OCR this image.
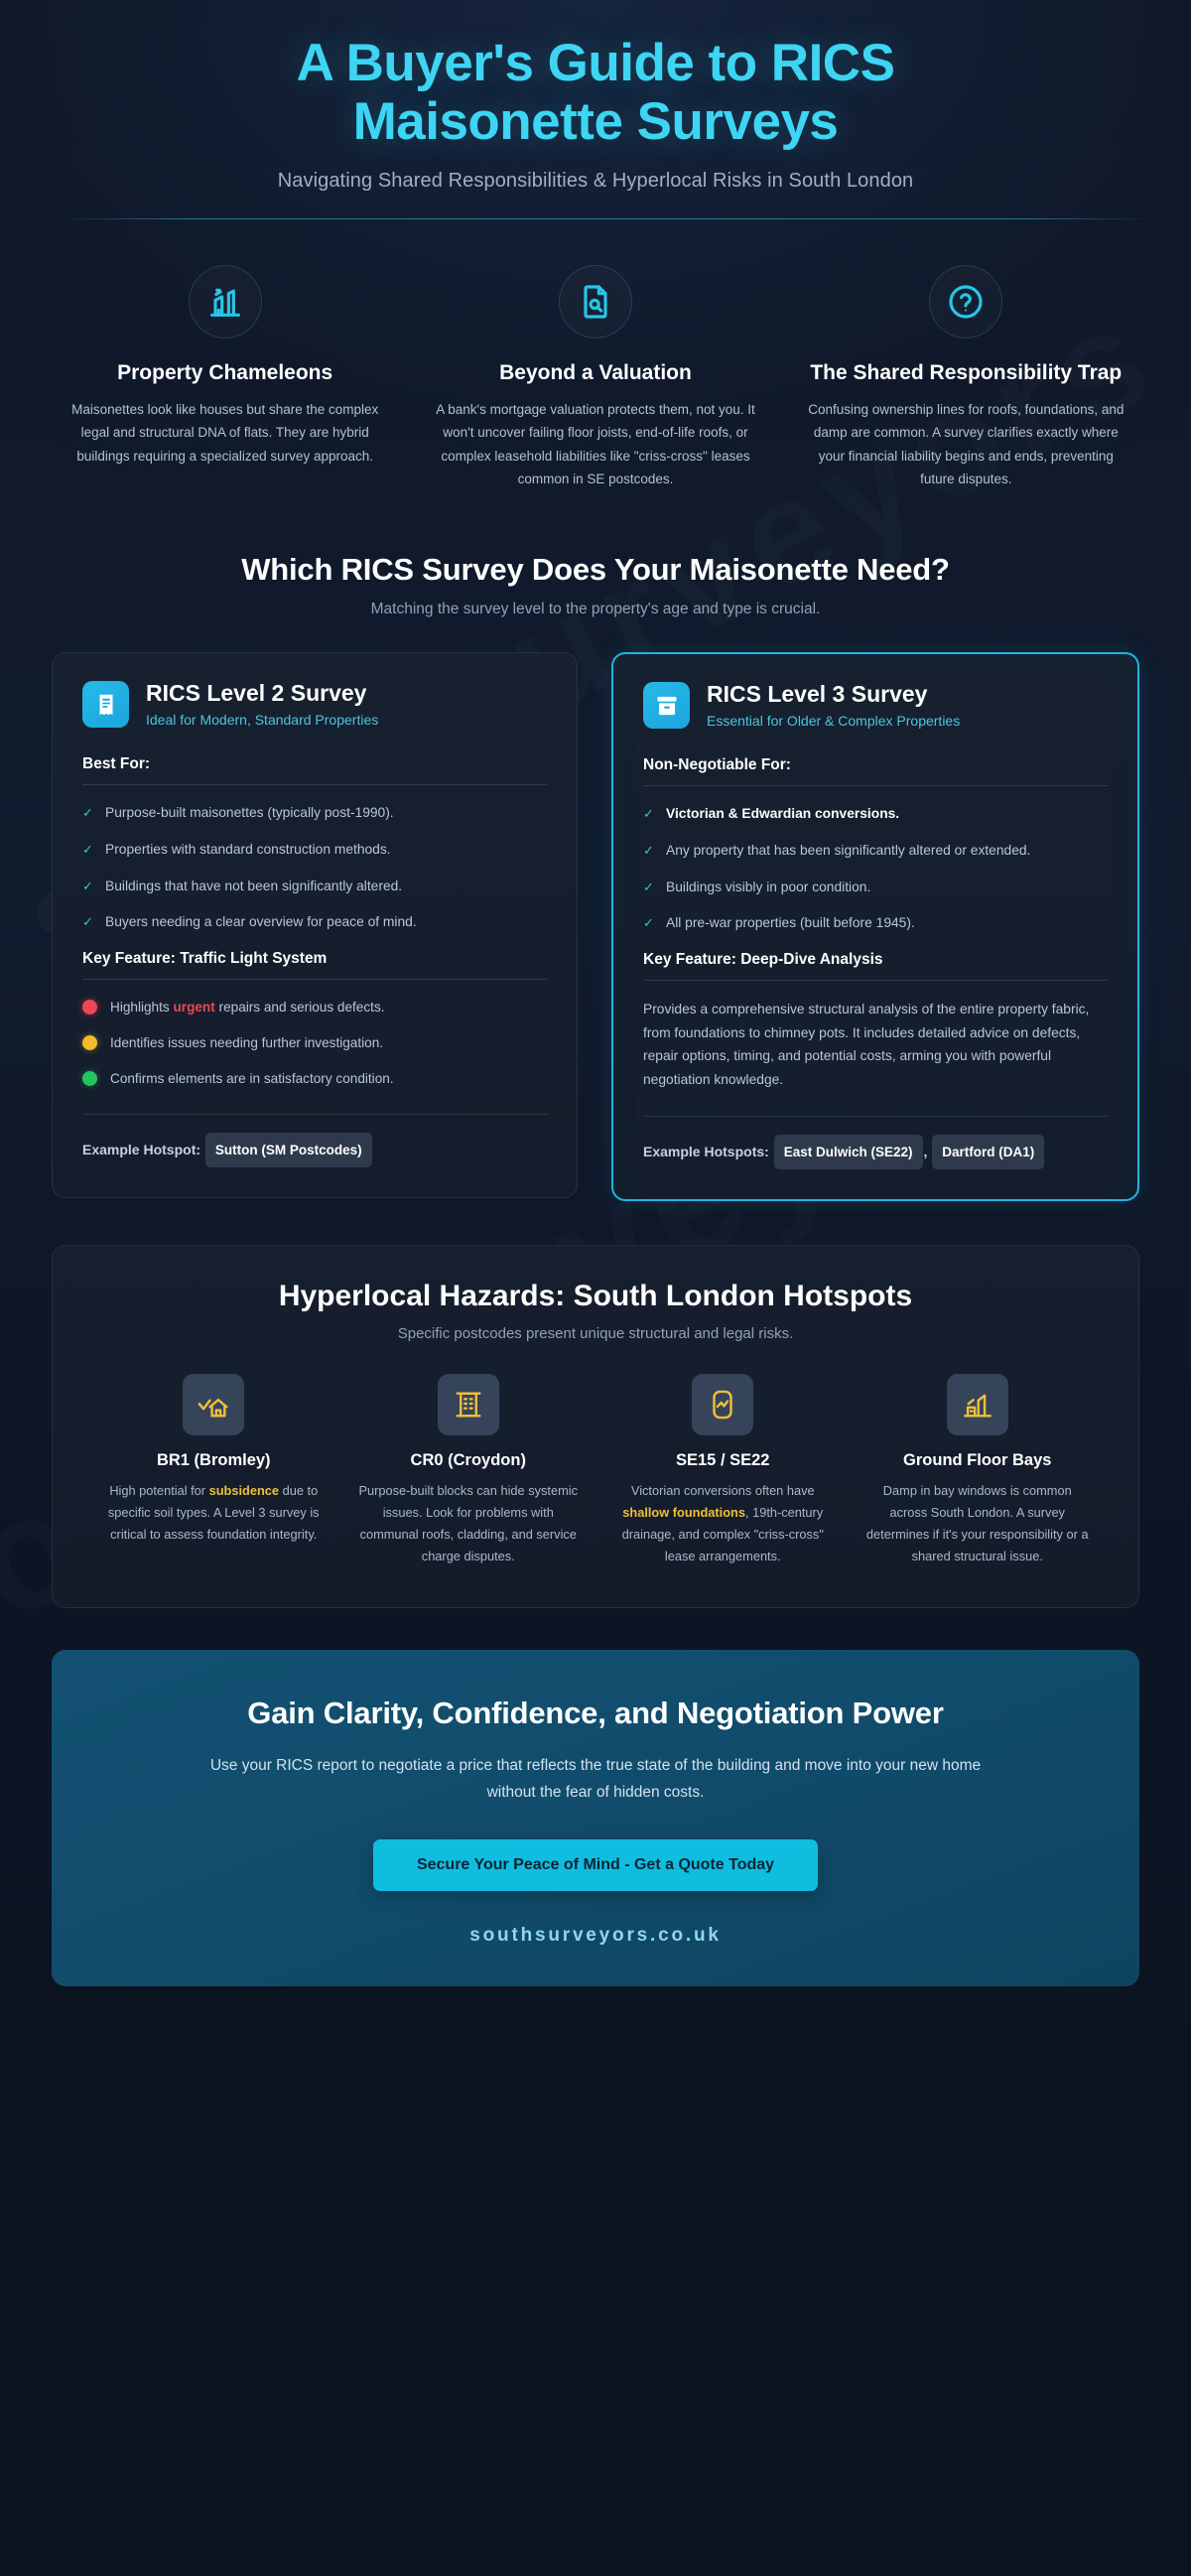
A Buyer's Guide to RICS
Maisonette Surveys
Navigating Shared Responsibilities & Hyperlocal Risks in South London
Property Chameleons

Maisonettes look like houses but share the complex legal and structural DNA of flats. They are hybrid buildings requiring a specialized survey approach.

Beyond a Valuation

A bank's mortgage valuation protects them, not you. It won't uncover failing floor joists, end-of-life roofs, or complex leasehold liabilities like "criss-cross" leases common in SE postcodes.

The Shared Responsibility Trap

Confusing ownership lines for roofs, foundations, and damp are common. A survey clarifies exactly where your financial liability begins and ends, preventing future disputes.

Which RICS Survey Does Your Maisonette Need?
Matching the survey level to the property's age and type is crucial.
RICS Level 2 Survey
Ideal for Modern, Standard Properties
Best For:
✓ Purpose-built maisonettes (typically post-1990).
✓ Properties with standard construction methods.
✓ Buildings that have not been significantly altered.
✓ Buyers needing a clear overview for peace of mind.
Key Feature: Traffic Light System
Highlights urgent repairs and serious defects.
Identifies issues needing further investigation.
Confirms elements are in satisfactory condition.
Example Hotspot: Sutton (SM Postcodes)
RICS Level 3 Survey
Essential for Older & Complex Properties
Non-Negotiable For:
✓ Victorian & Edwardian conversions.
✓ Any property that has been significantly altered or extended.
✓ Buildings visibly in poor condition.
✓ All pre-war properties (built before 1945).
Key Feature: Deep-Dive Analysis

Provides a comprehensive structural analysis of the entire property fabric, from foundations to chimney pots. It includes detailed advice on defects, repair options, timing, and potential costs, arming you with powerful negotiation knowledge.

Example Hotspots: East Dulwich (SE22) , Dartford (DA1)
Hyperlocal Hazards: South London Hotspots

Specific postcodes present unique structural and legal risks.

BR1 (Bromley)

High potential for subsidence due to specific soil types. A Level 3 survey is critical to assess foundation integrity.

CR0 (Croydon)

Purpose-built blocks can hide systemic issues. Look for problems with communal roofs, cladding, and service charge disputes.

SE15 / SE22

Victorian conversions often have shallow foundations, 19th-century drainage, and complex "criss-cross" lease arrangements.

Ground Floor Bays

Damp in bay windows is common across South London. A survey determines if it's your responsibility or a shared structural issue.

Gain Clarity, Confidence, and Negotiation Power

Use your RICS report to negotiate a price that reflects the true state of the building and move into your new home without the fear of hidden costs.

Secure Your Peace of Mind - Get a Quote Today
southsurveyors.co.uk
